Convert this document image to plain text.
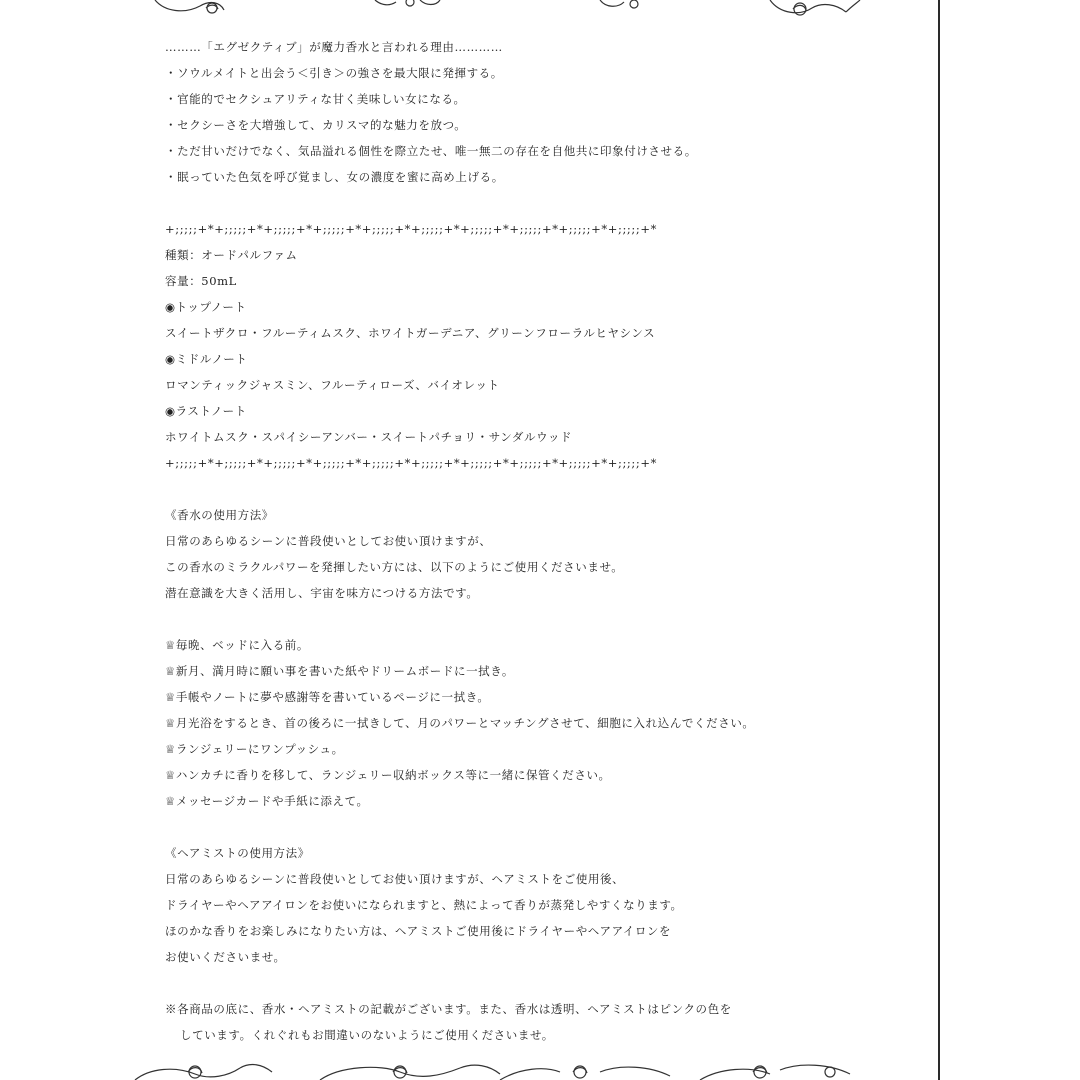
………「エグゼクティブ」が魔力香水と言われる理由…………
・ソウルメイトと出会う＜引き＞の強さを最大限に発揮する。
・官能的でセクシュアリティな甘く美味しい女になる。
・セクシーさを大増強して、カリスマ的な魅力を放つ。
・ただ甘いだけでなく、気品溢れる個性を際立たせ、唯一無二の存在を自他共に印象付けさせる。
・眠っていた色気を呼び覚まし、女の濃度を蜜に高め上げる。
+;;;;;+*+;;;;;+*+;;;;;+*+;;;;;+*+;;;;;+*+;;;;;+*+;;;;;+*+;;;;;+*+;;;;;+*+;;;;;+*
種類：オードパルファム
容量：50mL
◉トップノート
スイートザクロ・フルーティムスク、ホワイトガーデニア、グリーンフローラルヒヤシンス
◉ミドルノート
ロマンティックジャスミン、フルーティローズ、バイオレット
◉ラストノート
ホワイトムスク・スパイシーアンバー・スイートパチョリ・サンダルウッド
+;;;;;+*+;;;;;+*+;;;;;+*+;;;;;+*+;;;;;+*+;;;;;+*+;;;;;+*+;;;;;+*+;;;;;+*+;;;;;+*
《香水の使用方法》
日常のあらゆるシーンに普段使いとしてお使い頂けますが、
この香水のミラクルパワーを発揮したい方には、以下のようにご使用くださいませ。
潜在意識を大きく活用し、宇宙を味方につける方法です。
♕毎晩、ベッドに入る前。
♕新月、満月時に願い事を書いた紙やドリームボードに一拭き。
♕手帳やノートに夢や感謝等を書いているページに一拭き。
♕月光浴をするとき、首の後ろに一拭きして、月のパワーとマッチングさせて、細胞に入れ込んでください。
♕ランジェリーにワンプッシュ。
♕ハンカチに香りを移して、ランジェリー収納ボックス等に一緒に保管ください。
♕メッセージカードや手紙に添えて。
《ヘアミストの使用方法》
日常のあらゆるシーンに普段使いとしてお使い頂けますが、ヘアミストをご使用後、
ドライヤーやヘアアイロンをお使いになられますと、熱によって香りが蒸発しやすくなります。
ほのかな香りをお楽しみになりたい方は、ヘアミストご使用後にドライヤーやヘアアイロンを
お使いくださいませ。
※各商品の底に、香水・ヘアミストの記載がございます。また、香水は透明、ヘアミストはピンクの色を
しています。くれぐれもお間違いのないようにご使用くださいませ。
